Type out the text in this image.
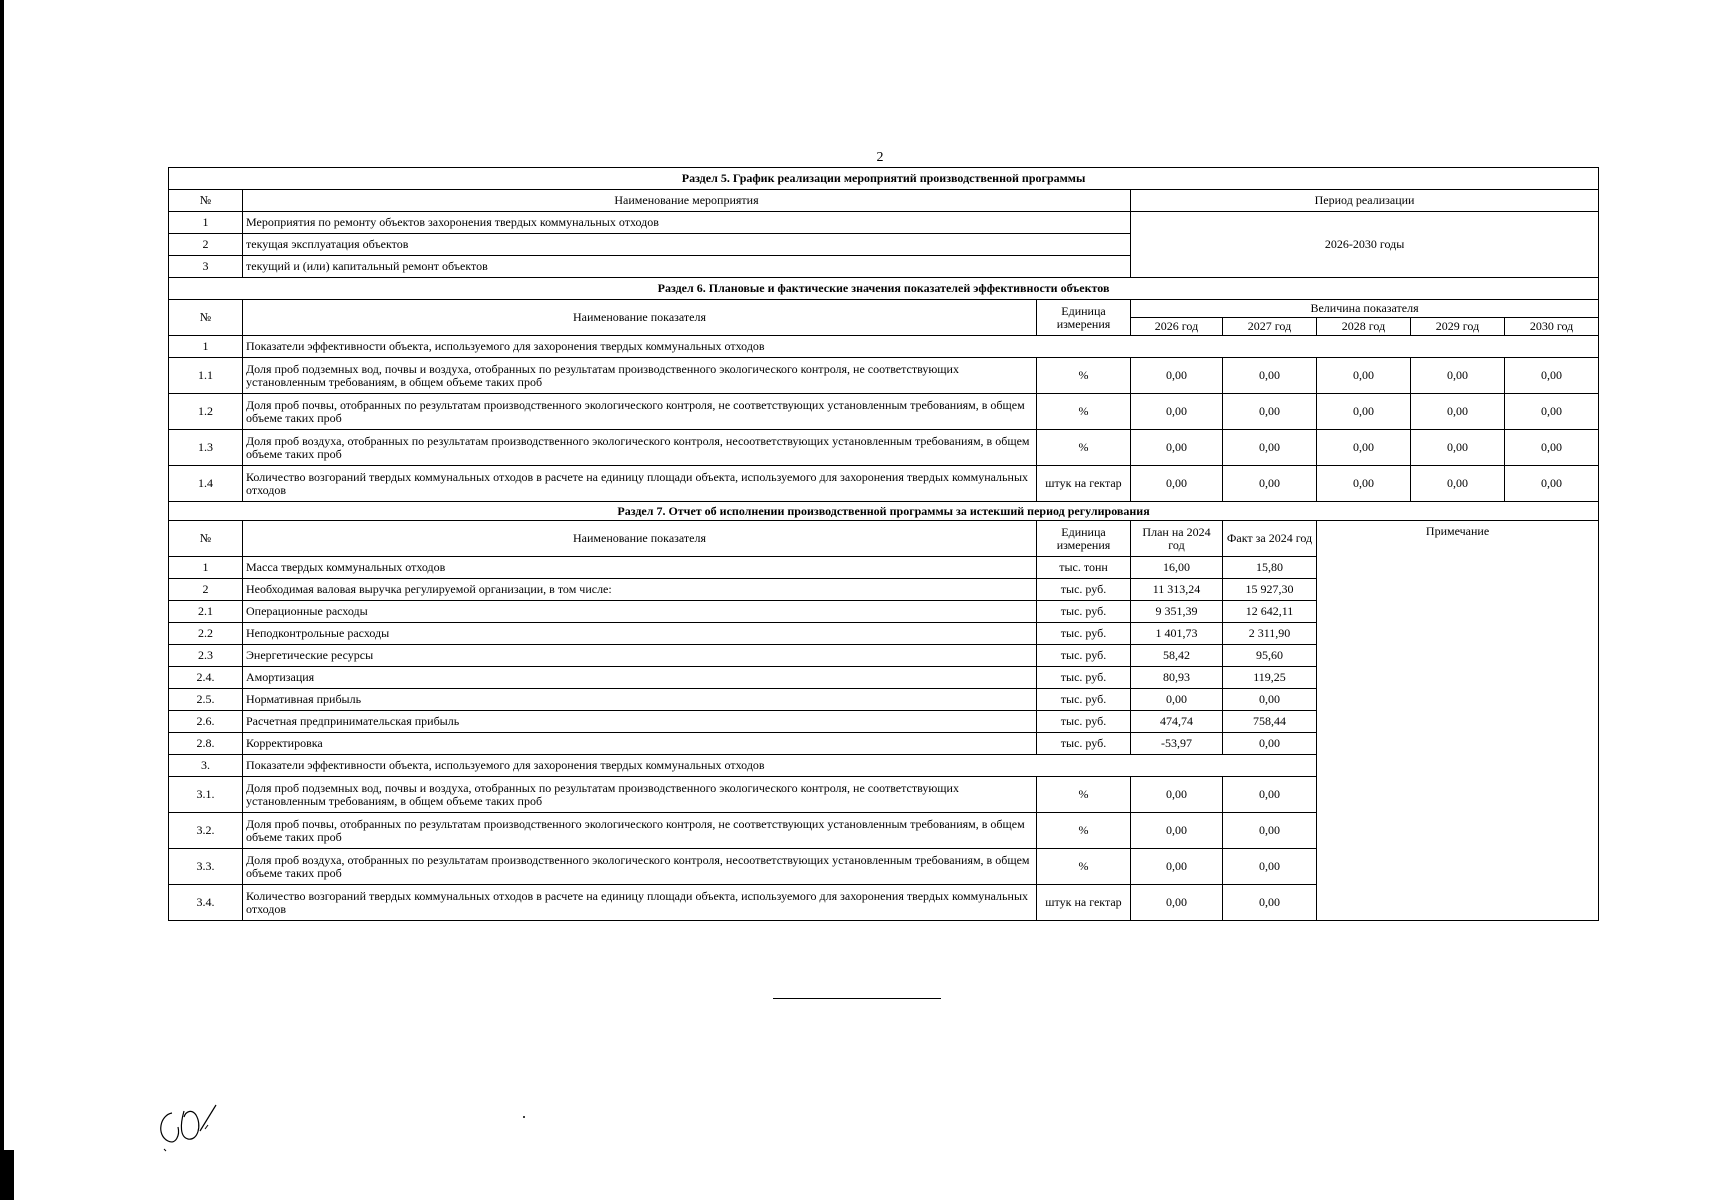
2
Раздел 5. График реализации мероприятий производственной программы							
№	Наименование мероприятия		Период реализации				
1	Мероприятия по ремонту объектов захоронения твердых коммунальных отходов		2026-2030 годы				
2	текущая эксплуатация объектов						
3	текущий и (или) капитальный ремонт объектов						
Раздел 6. Плановые и фактические значения показателей эффективности объектов							
№	Наименование показателя	Единица измерения	Величина показателя				
			2026 год	2027 год	2028 год	2029 год	2030 год
1	Показатели эффективности объекта, используемого для захоронения твердых коммунальных отходов						
1.1	Доля проб подземных вод, почвы и воздуха, отобранных по результатам производственного экологического контроля, не соответствующих установленным требованиям, в общем объеме таких проб	%	0,00	0,00	0,00	0,00	0,00
1.2	Доля проб почвы, отобранных по результатам производственного экологического контроля, не соответствующих установленным требованиям, в общем объеме таких проб	%	0,00	0,00	0,00	0,00	0,00
1.3	Доля проб воздуха, отобранных по результатам производственного экологического контроля, несоответствующих установленным требованиям, в общем объеме таких проб	%	0,00	0,00	0,00	0,00	0,00
1.4	Количество возгораний твердых коммунальных отходов в расчете на единицу площади объекта, используемого для захоронения твердых коммунальных отходов	штук на гектар	0,00	0,00	0,00	0,00	0,00
Раздел 7. Отчет об исполнении производственной программы за истекший период регулирования							
№	Наименование показателя	Единица измерения	План на 2024 год	Факт за 2024 год	Примечание		
1	Масса твердых коммунальных отходов	тыс. тонн	16,00	15,80			
2	Необходимая валовая выручка регулируемой организации, в том числе:	тыс. руб.	11 313,24	15 927,30			
2.1	Операционные расходы	тыс. руб.	9 351,39	12 642,11			
2.2	Неподконтрольные расходы	тыс. руб.	1 401,73	2 311,90			
2.3	Энергетические ресурсы	тыс. руб.	58,42	95,60			
2.4.	Амортизация	тыс. руб.	80,93	119,25			
2.5.	Нормативная прибыль	тыс. руб.	0,00	0,00			
2.6.	Расчетная предпринимательская прибыль	тыс. руб.	474,74	758,44			
2.8.	Корректировка	тыс. руб.	-53,97	0,00			
3.	Показатели эффективности объекта, используемого для захоронения твердых коммунальных отходов						
3.1.	Доля проб подземных вод, почвы и воздуха, отобранных по результатам производственного экологического контроля, не соответствующих установленным требованиям, в общем объеме таких проб	%	0,00	0,00			
3.2.	Доля проб почвы, отобранных по результатам производственного экологического контроля, не соответствующих установленным требованиям, в общем объеме таких проб	%	0,00	0,00			
3.3.	Доля проб воздуха, отобранных по результатам производственного экологического контроля, несоответствующих установленным требованиям, в общем объеме таких проб	%	0,00	0,00			
3.4.	Количество возгораний твердых коммунальных отходов в расчете на единицу площади объекта, используемого для захоронения твердых коммунальных отходов	штук на гектар	0,00	0,00			
